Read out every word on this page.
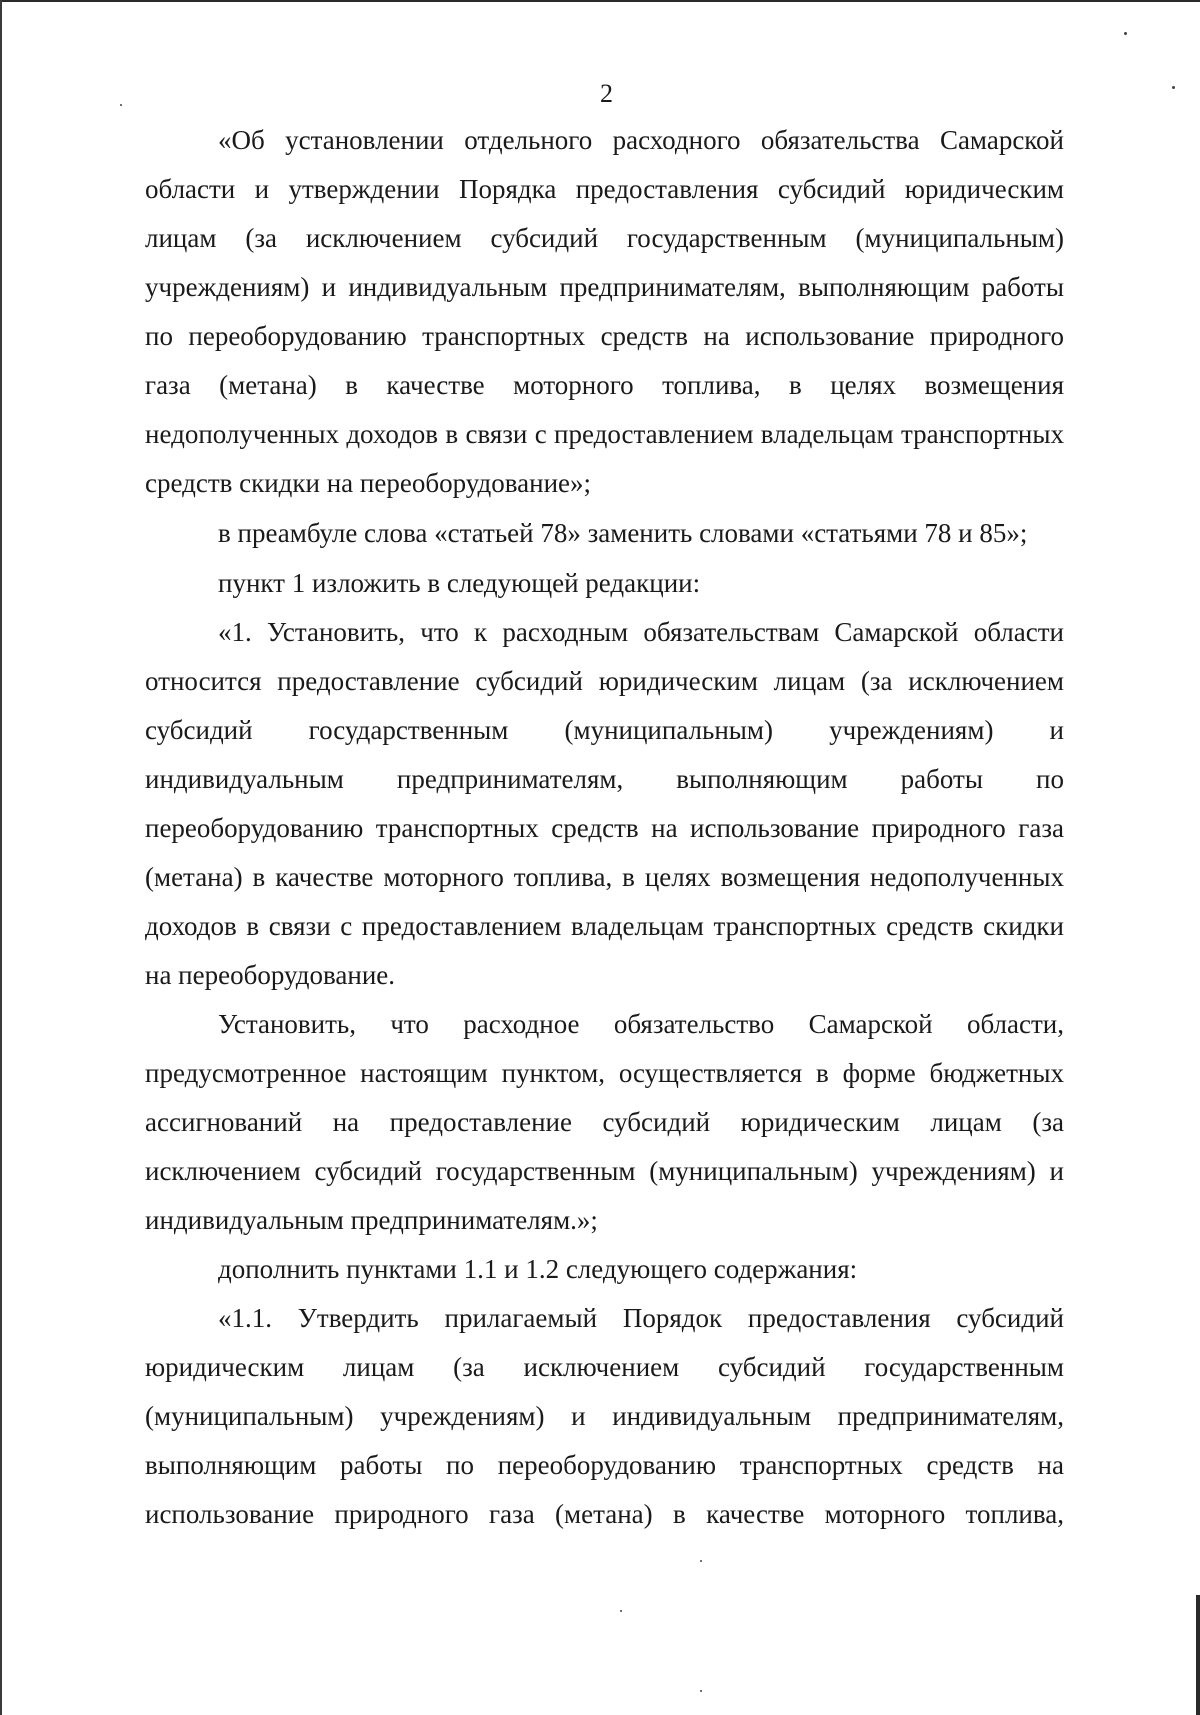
2

«Об установлении отдельного расходного обязательства Самарской области и утверждении Порядка предоставления субсидий юридическим лицам (за исключением субсидий государственным (муниципальным) учреждениям) и индивидуальным предпринимателям, выполняющим работы по переоборудованию транспортных средств на использование природного газа (метана) в качестве моторного топлива, в целях возмещения недополученных доходов в связи с предоставлением владельцам транспортных средств скидки на переоборудование»;

в преамбуле слова «статьей 78» заменить словами «статьями 78 и 85»;

пункт 1 изложить в следующей редакции:

«1. Установить, что к расходным обязательствам Самарской области относится предоставление субсидий юридическим лицам (за исключением субсидий государственным (муниципальным) учреждениям) и индивидуальным предпринимателям, выполняющим работы по переоборудованию транспортных средств на использование природного газа (метана) в качестве моторного топлива, в целях возмещения недополученных доходов в связи с предоставлением владельцам транспортных средств скидки на переоборудование.

Установить, что расходное обязательство Самарской области, предусмотренное настоящим пунктом, осуществляется в форме бюджетных ассигнований на предоставление субсидий юридическим лицам (за исключением субсидий государственным (муниципальным) учреждениям) и индивидуальным предпринимателям.»;

дополнить пунктами 1.1 и 1.2 следующего содержания:

«1.1. Утвердить прилагаемый Порядок предоставления субсидий юридическим лицам (за исключением субсидий государственным (муниципальным) учреждениям) и индивидуальным предпринимателям, выполняющим работы по переоборудованию транспортных средств на использование природного газа (метана) в качестве моторного топлива,
